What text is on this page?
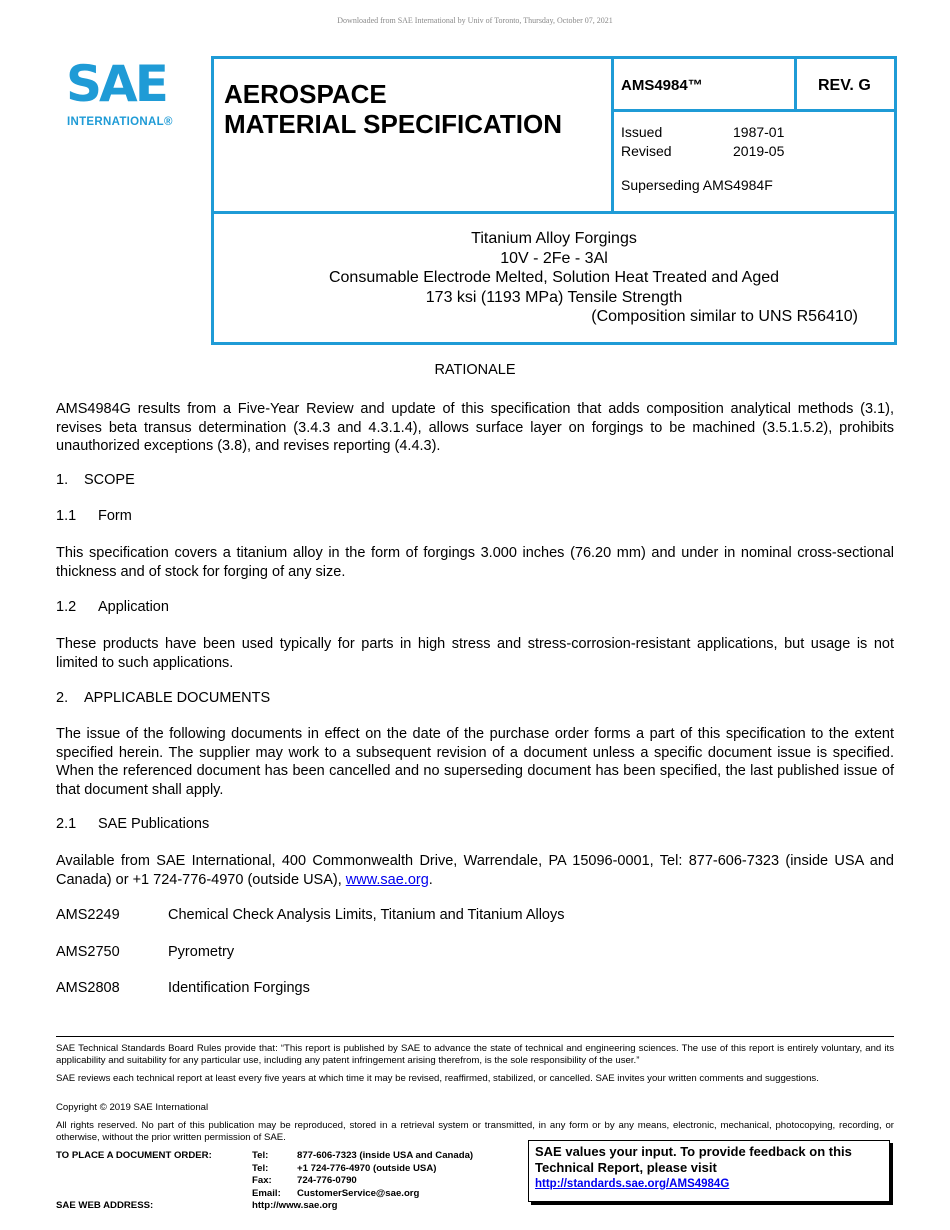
Downloaded from SAE International by Univ of Toronto, Thursday, October 07, 2021
SAE
INTERNATIONAL®
AEROSPACE
MATERIAL SPECIFICATION
AMS4984™	REV. G
Issued	1987-01
Revised	2019-05
Superseding AMS4984F
Titanium Alloy Forgings
10V - 2Fe - 3Al
Consumable Electrode Melted, Solution Heat Treated and Aged
173 ksi (1193 MPa) Tensile Strength
(Composition similar to UNS R56410)
RATIONALE
AMS4984G results from a Five-Year Review and update of this specification that adds composition analytical methods (3.1), revises beta transus determination (3.4.3 and 4.3.1.4), allows surface layer on forgings to be machined (3.5.1.5.2), prohibits unauthorized exceptions (3.8), and revises reporting (4.4.3).
1. SCOPE
1.1 Form
This specification covers a titanium alloy in the form of forgings 3.000 inches (76.20 mm) and under in nominal cross-sectional thickness and of stock for forging of any size.
1.2 Application
These products have been used typically for parts in high stress and stress-corrosion-resistant applications, but usage is not limited to such applications.
2. APPLICABLE DOCUMENTS
The issue of the following documents in effect on the date of the purchase order forms a part of this specification to the extent specified herein. The supplier may work to a subsequent revision of a document unless a specific document issue is specified. When the referenced document has been cancelled and no superseding document has been specified, the last published issue of that document shall apply.
2.1 SAE Publications
Available from SAE International, 400 Commonwealth Drive, Warrendale, PA 15096-0001, Tel: 877-606-7323 (inside USA and Canada) or +1 724-776-4970 (outside USA), www.sae.org.
AMS2249	Chemical Check Analysis Limits, Titanium and Titanium Alloys
AMS2750	Pyrometry
AMS2808	Identification Forgings
SAE Technical Standards Board Rules provide that: “This report is published by SAE to advance the state of technical and engineering sciences. The use of this report is entirely voluntary, and its applicability and suitability for any particular use, including any patent infringement arising therefrom, is the sole responsibility of the user.”
SAE reviews each technical report at least every five years at which time it may be revised, reaffirmed, stabilized, or cancelled. SAE invites your written comments and suggestions.
Copyright © 2019 SAE International
All rights reserved. No part of this publication may be reproduced, stored in a retrieval system or transmitted, in any form or by any means, electronic, mechanical, photocopying, recording, or otherwise, without the prior written permission of SAE.
TO PLACE A DOCUMENT ORDER:	Tel:	877-606-7323 (inside USA and Canada)
Tel:	+1 724-776-4970 (outside USA)
Fax:	724-776-0790
Email: CustomerService@sae.org
SAE WEB ADDRESS:	http://www.sae.org
SAE values your input. To provide feedback on this Technical Report, please visit
http://standards.sae.org/AMS4984G
